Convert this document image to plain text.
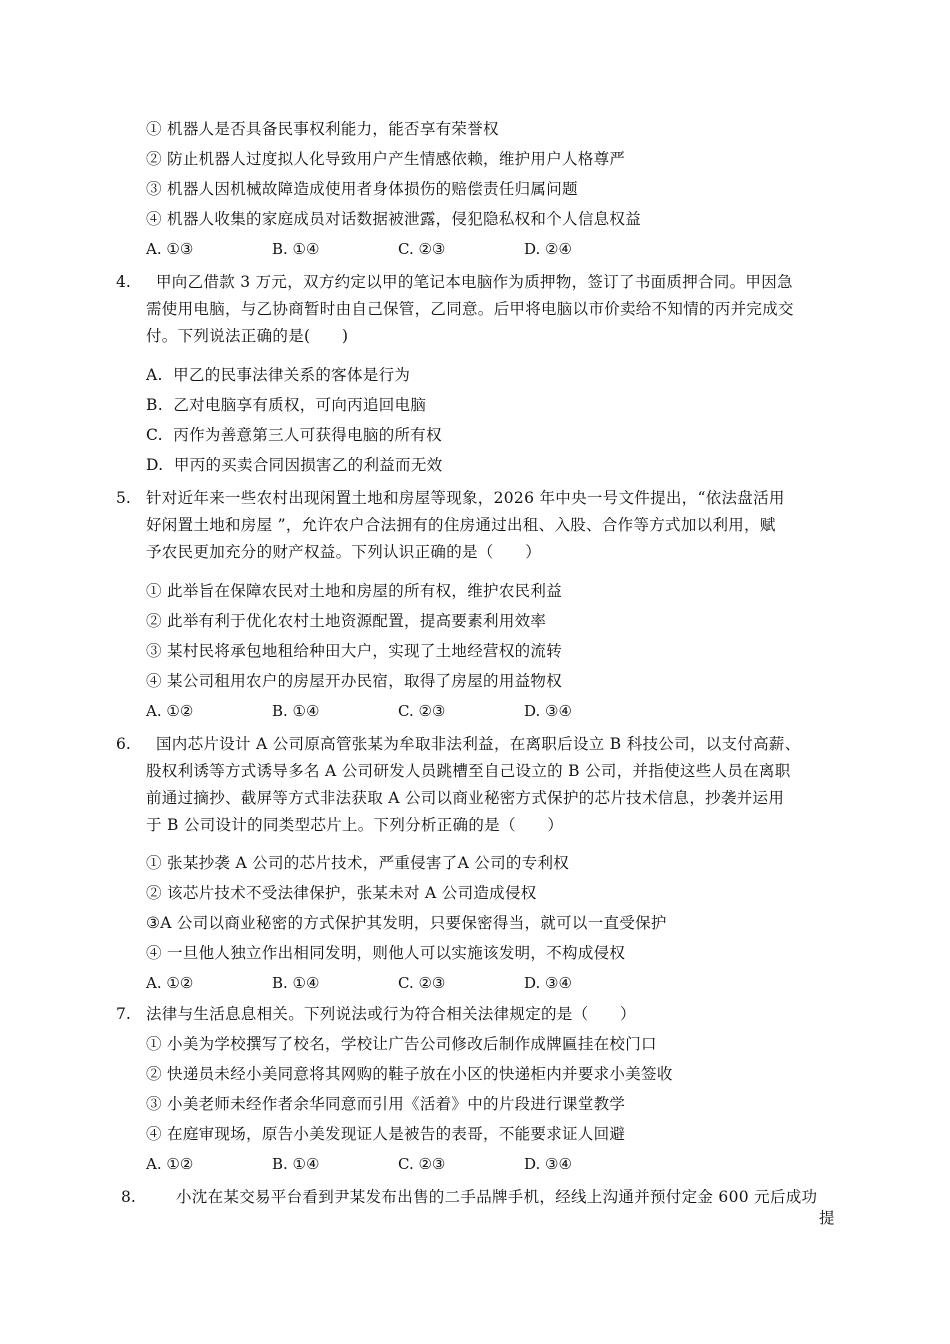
① 机器人是否具备民事权利能力，能否享有荣誉权
② 防止机器人过度拟人化导致用户产生情感依赖，维护用户人格尊严
③ 机器人因机械故障造成使用者身体损伤的赔偿责任归属问题
④ 机器人收集的家庭成员对话数据被泄露，侵犯隐私权和个人信息权益
A. ①③	B. ①④	C. ②③	D. ②④
4. 甲向乙借款 3 万元，双方约定以甲的笔记本电脑作为质押物，签订了书面质押合同。甲因急
需使用电脑，与乙协商暂时由自己保管，乙同意。后甲将电脑以市价卖给不知情的丙并完成交
付。下列说法正确的是(　　)
A.  甲乙的民事法律关系的客体是行为
B.  乙对电脑享有质权，可向丙追回电脑
C.  丙作为善意第三人可获得电脑的所有权
D.  甲丙的买卖合同因损害乙的利益而无效
5. 针对近年来一些农村出现闲置土地和房屋等现象，2026 年中央一号文件提出，“依法盘活用
好闲置土地和房屋 ”，允许农户合法拥有的住房通过出租、入股、合作等方式加以利用，赋
予农民更加充分的财产权益。下列认识正确的是（　　）
① 此举旨在保障农民对土地和房屋的所有权，维护农民利益
② 此举有利于优化农村土地资源配置，提高要素利用效率
③ 某村民将承包地租给种田大户，实现了土地经营权的流转
④ 某公司租用农户的房屋开办民宿，取得了房屋的用益物权
A. ①②	B. ①④	C. ②③	D. ③④
6. 国内芯片设计 A 公司原高管张某为牟取非法利益，在离职后设立 B 科技公司，以支付高薪、
股权利诱等方式诱导多名 A 公司研发人员跳槽至自己设立的 B 公司，并指使这些人员在离职
前通过摘抄、截屏等方式非法获取 A 公司以商业秘密方式保护的芯片技术信息，抄袭并运用
于 B 公司设计的同类型芯片上。下列分析正确的是（　　）
① 张某抄袭 A 公司的芯片技术，严重侵害了A 公司的专利权
② 该芯片技术不受法律保护，张某未对 A 公司造成侵权
③A 公司以商业秘密的方式保护其发明，只要保密得当，就可以一直受保护
④ 一旦他人独立作出相同发明，则他人可以实施该发明，不构成侵权
A. ①②	B. ①④	C. ②③	D. ③④
7. 法律与生活息息相关。下列说法或行为符合相关法律规定的是（　　）
① 小美为学校撰写了校名，学校让广告公司修改后制作成牌匾挂在校门口
② 快递员未经小美同意将其网购的鞋子放在小区的快递柜内并要求小美签收
③ 小美老师未经作者余华同意而引用《活着》中的片段进行课堂教学
④ 在庭审现场，原告小美发现证人是被告的表哥，不能要求证人回避
A. ①②	B. ①④	C. ②③	D. ③④
8.	小沈在某交易平台看到尹某发布出售的二手品牌手机，经线上沟通并预付定金 600 元后成功
提
